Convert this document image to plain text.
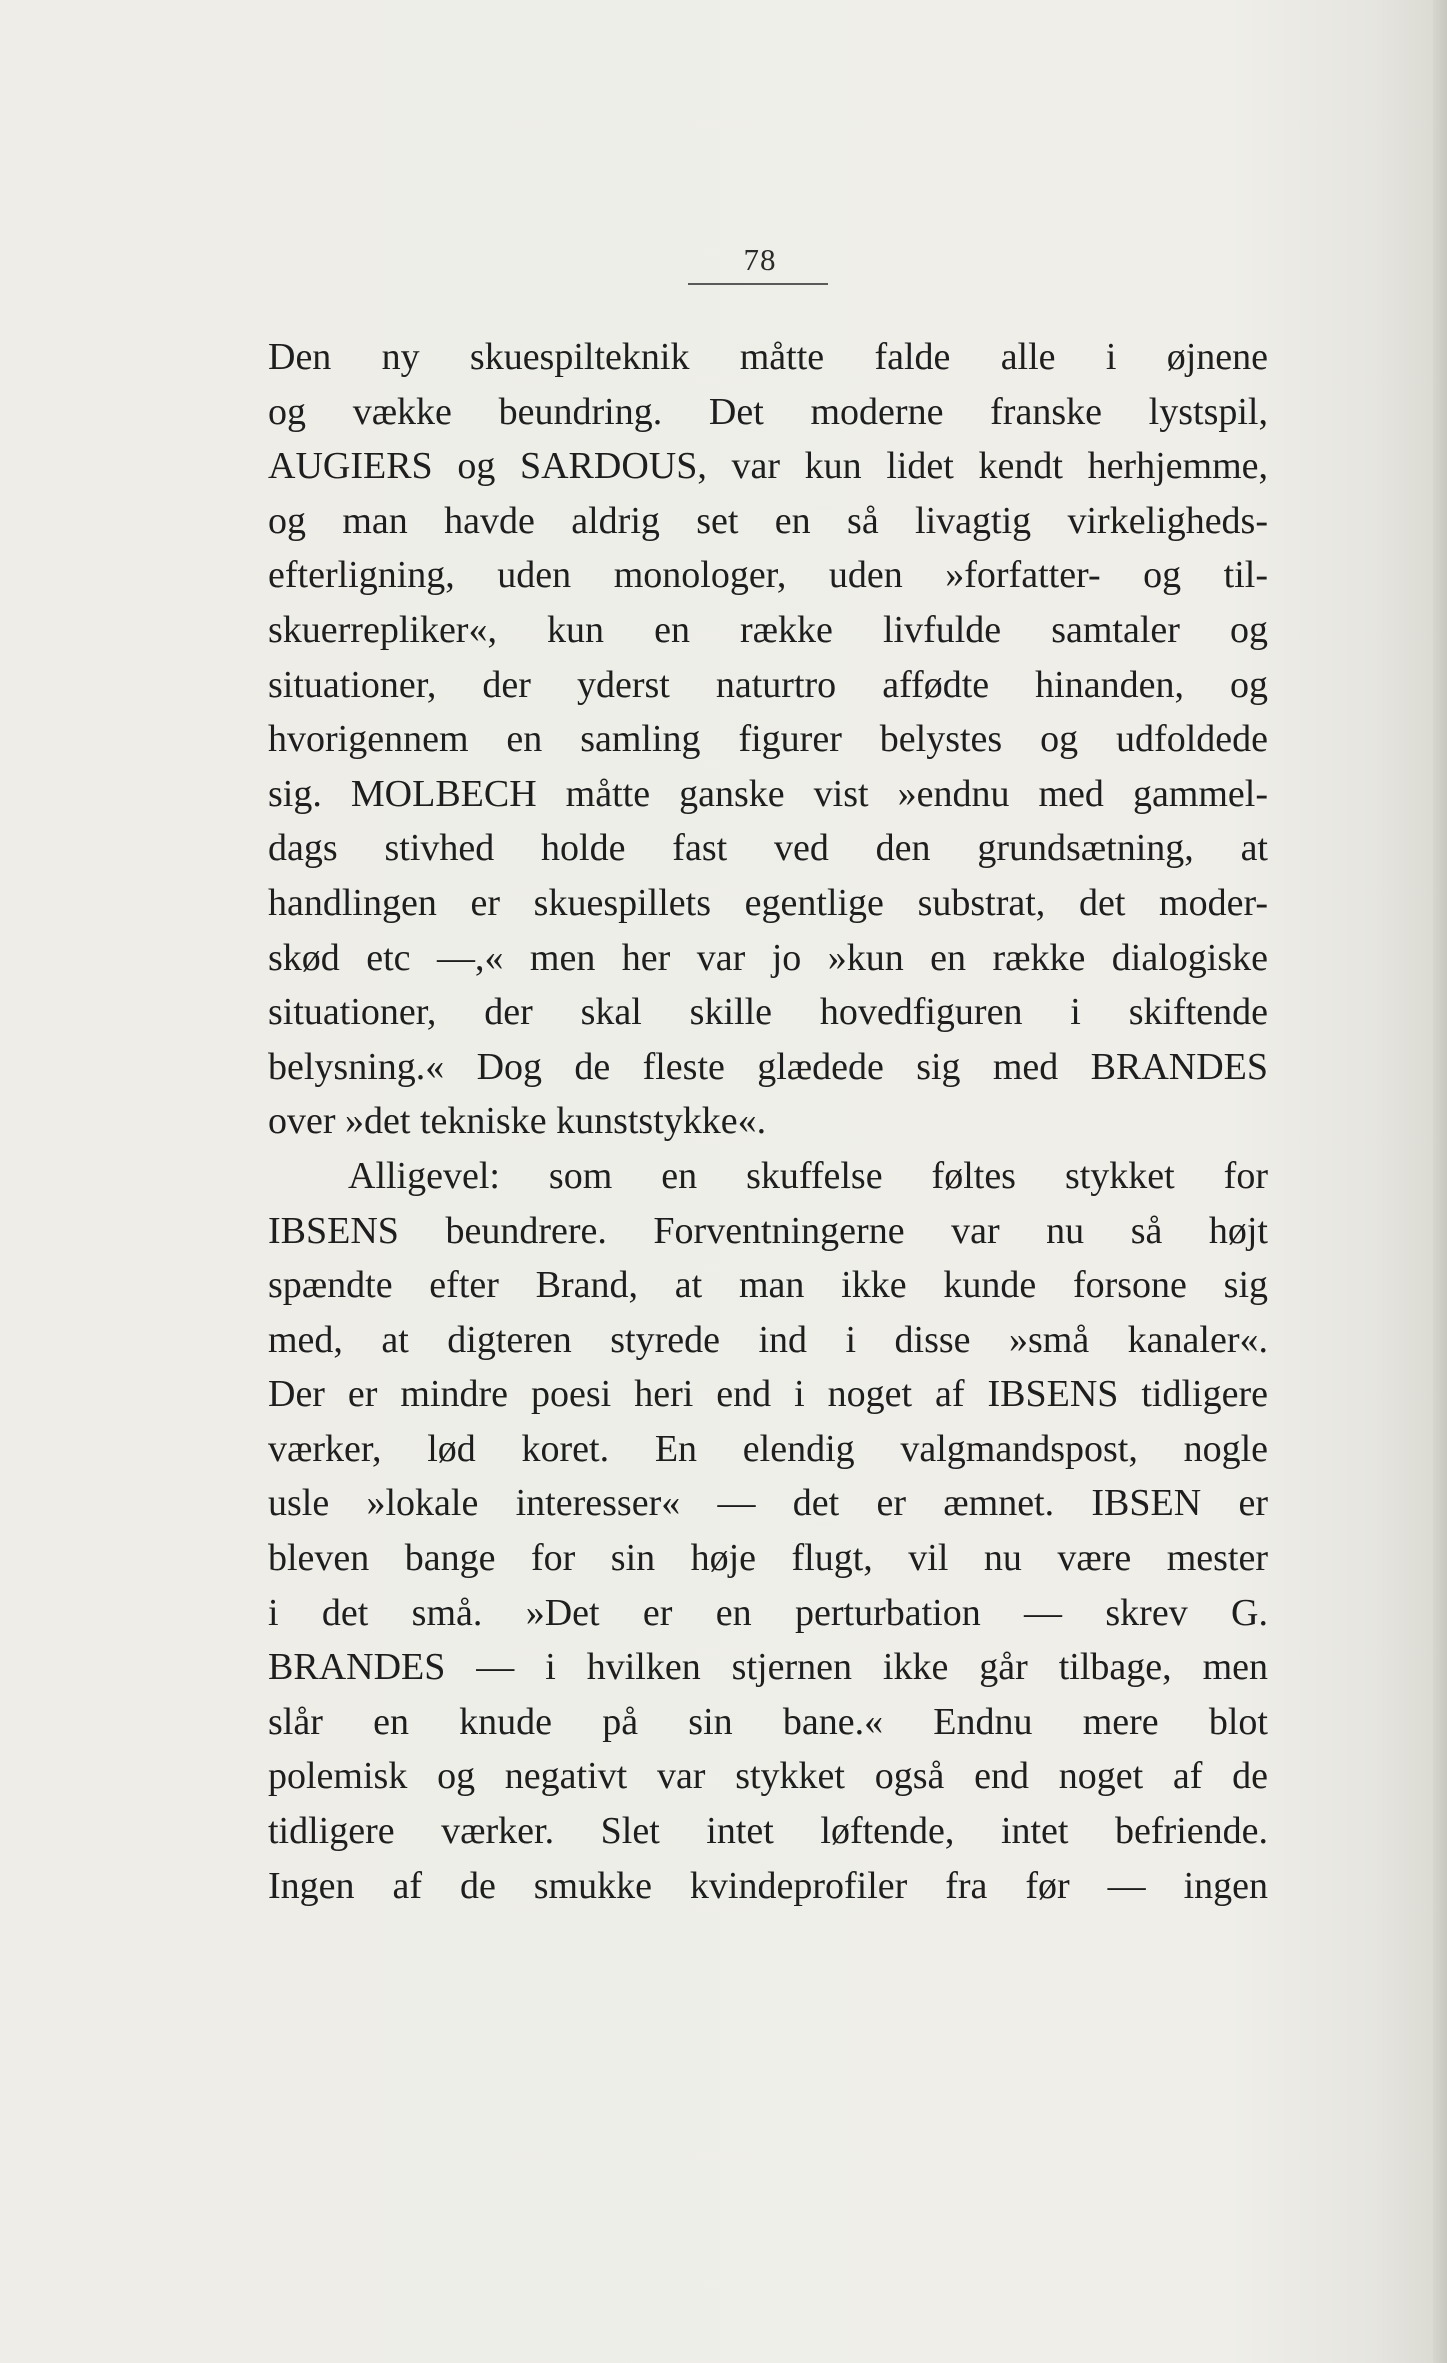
78
Den ny skuespilteknik måtte falde alle i øjnene
og vække beundring. Det moderne franske lystspil,
AUGIERS og SARDOUS, var kun lidet kendt herhjemme,
og man havde aldrig set en så livagtig virkeligheds-
efterligning, uden monologer, uden »forfatter- og til-
skuerrepliker«, kun en række livfulde samtaler og
situationer, der yderst naturtro affødte hinanden, og
hvorigennem en samling figurer belystes og udfoldede
sig. MOLBECH måtte ganske vist »endnu med gammel-
dags stivhed holde fast ved den grundsætning, at
handlingen er skuespillets egentlige substrat, det moder-
skød etc —,« men her var jo »kun en række dialogiske
situationer, der skal skille hovedfiguren i skiftende
belysning.« Dog de fleste glædede sig med BRANDES
over »det tekniske kunststykke«.
Alligevel: som en skuffelse føltes stykket for
IBSENS beundrere. Forventningerne var nu så højt
spændte efter Brand, at man ikke kunde forsone sig
med, at digteren styrede ind i disse »små kanaler«.
Der er mindre poesi heri end i noget af IBSENS tidligere
værker, lød koret. En elendig valgmandspost, nogle
usle »lokale interesser« — det er æmnet. IBSEN er
bleven bange for sin høje flugt, vil nu være mester
i det små. »Det er en perturbation — skrev G.
BRANDES — i hvilken stjernen ikke går tilbage, men
slår en knude på sin bane.« Endnu mere blot
polemisk og negativt var stykket også end noget af de
tidligere værker. Slet intet løftende, intet befriende.
Ingen af de smukke kvindeprofiler fra før — ingen
